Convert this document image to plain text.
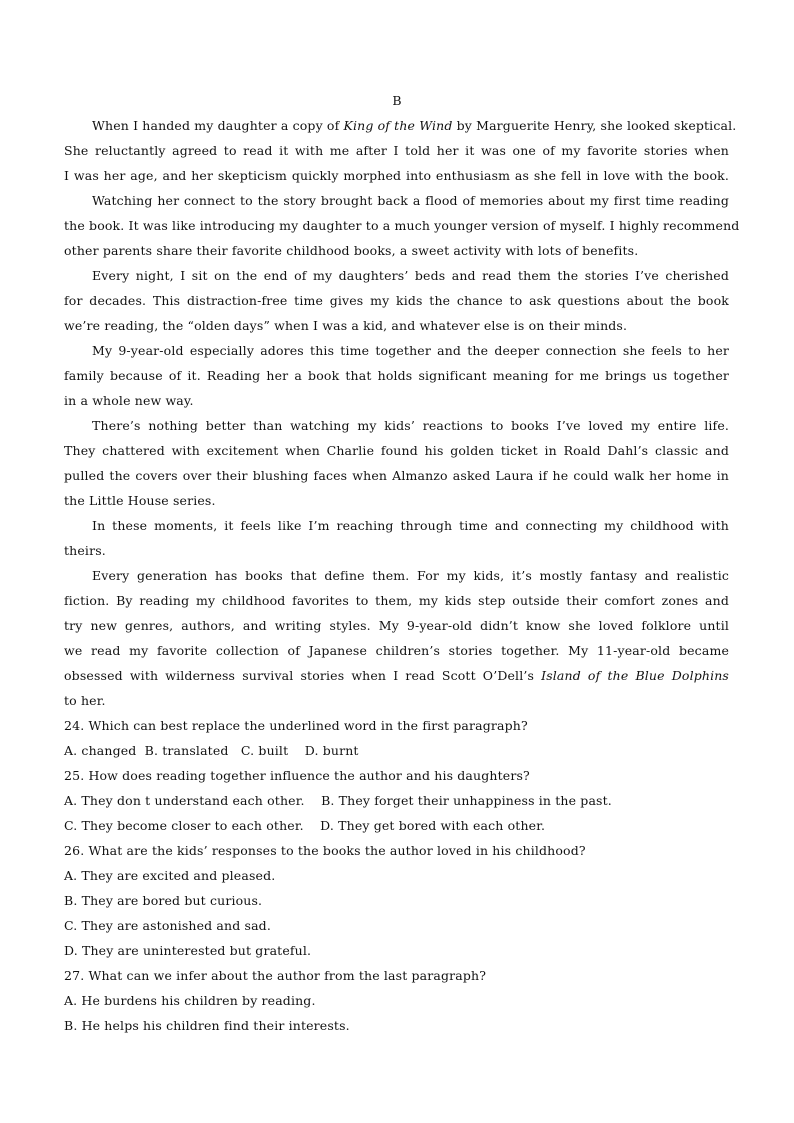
B
When I handed my daughter a copy of King of the Wind by Marguerite Henry, she looked skeptical.
She reluctantly agreed to read it with me after I told her it was one of my favorite stories when
I was her age, and her skepticism quickly morphed into enthusiasm as she fell in love with the book.
Watching her connect to the story brought back a flood of memories about my first time reading
the book. It was like introducing my daughter to a much younger version of myself. I highly recommend
other parents share their favorite childhood books, a sweet activity with lots of benefits.
Every night, I sit on the end of my daughters’ beds and read them the stories I’ve cherished
for decades. This distraction-free time gives my kids the chance to ask questions about the book
we’re reading, the “olden days” when I was a kid, and whatever else is on their minds.
My 9-year-old especially adores this time together and the deeper connection she feels to her
family because of it. Reading her a book that holds significant meaning for me brings us together
in a whole new way.
There’s nothing better than watching my kids’ reactions to books I’ve loved my entire life.
They chattered with excitement when Charlie found his golden ticket in Roald Dahl’s classic and
pulled the covers over their blushing faces when Almanzo asked Laura if he could walk her home in
the Little House series.
In these moments, it feels like I’m reaching through time and connecting my childhood with
theirs.
Every generation has books that define them. For my kids, it’s mostly fantasy and realistic
fiction. By reading my childhood favorites to them, my kids step outside their comfort zones and
try new genres, authors, and writing styles. My 9-year-old didn’t know she loved folklore until
we read my favorite collection of Japanese children’s stories together. My 11-year-old became
obsessed with wilderness survival stories when I read Scott O’Dell’s Island of the Blue Dolphins
to her.
24. Which can best replace the underlined word in the first paragraph?
A. changed  B. translated   C. built    D. burnt
25. How does reading together influence the author and his daughters?
A. They don t understand each other.    B. They forget their unhappiness in the past.
C. They become closer to each other.    D. They get bored with each other.
26. What are the kids’ responses to the books the author loved in his childhood?
A. They are excited and pleased.
B. They are bored but curious.
C. They are astonished and sad.
D. They are uninterested but grateful.
27. What can we infer about the author from the last paragraph?
A. He burdens his children by reading.
B. He helps his children find their interests.
